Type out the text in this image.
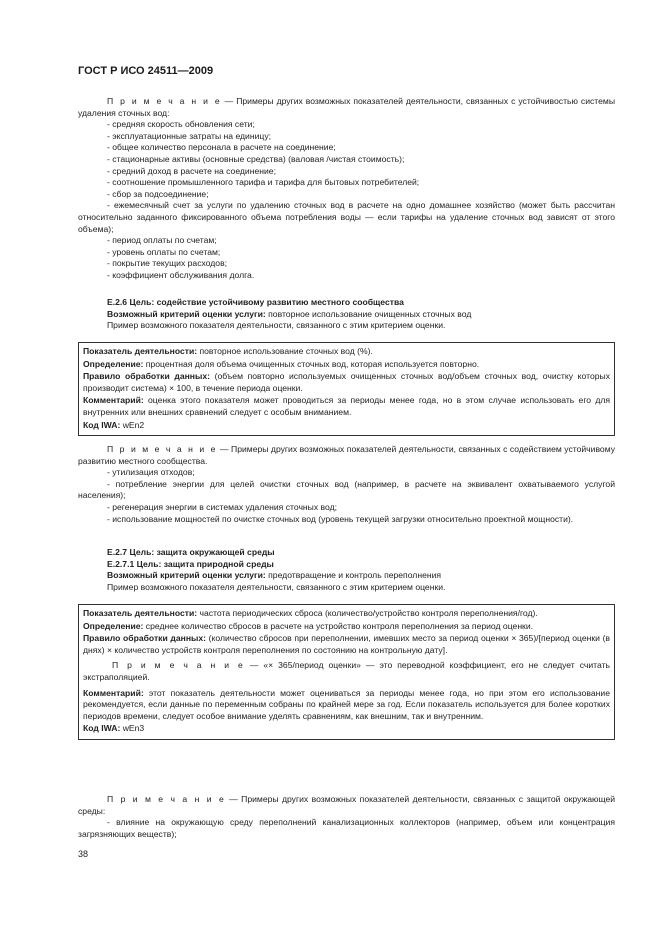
ГОСТ Р ИСО 24511—2009

П р и м е ч а н и е — Примеры других возможных показателей деятельности, связанных с устойчивостью системы удаления сточных вод:

- средняя скорость обновления сети;

- эксплуатационные затраты на единицу;

- общее количество персонала в расчете на соединение;

- стационарные активы (основные средства) (валовая /чистая стоимость);

- средний доход в расчете на соединение;

- соотношение промышленного тарифа и тарифа для бытовых потребителей;

- сбор за подсоединение;

- ежемесячный счет за услуги по удалению сточных вод в расчете на одно домашнее хозяйство (может быть рассчитан относительно заданного фиксированного объема потребления воды — если тарифы на удаление сточных вод зависят от этого объема);

- период оплаты по счетам;

- уровень оплаты по счетам;

- покрытие текущих расходов;

- коэффициент обслуживания долга.

E.2.6 Цель: содействие устойчивому развитию местного сообщества

Возможный критерий оценки услуги: повторное использование очищенных сточных вод

Пример возможного показателя деятельности, связанного с этим критерием оценки.

Показатель деятельности: повторное использование сточных вод (%).

Определение: процентная доля объема очищенных сточных вод, которая используется повторно.

Правило обработки данных: (объем повторно используемых очищенных сточных вод/объем сточных вод, очистку которых производит система) × 100, в течение периода оценки.

Комментарий: оценка этого показателя может проводиться за периоды менее года, но в этом случае использовать его для внутренних или внешних сравнений следует с особым вниманием.

Код IWA: wEn2

П р и м е ч а н и е — Примеры других возможных показателей деятельности, связанных с содействием устойчивому развитию местного сообщества.

- утилизация отходов;

- потребление энергии для целей очистки сточных вод (например, в расчете на эквивалент охватываемого услугой населения);

- регенерация энергии в системах удаления сточных вод;

- использование мощностей по очистке сточных вод (уровень текущей загрузки относительно проектной мощности).

E.2.7 Цель: защита окружающей среды

E.2.7.1 Цель: защита природной среды

Возможный критерий оценки услуги: предотвращение и контроль переполнения

Пример возможного показателя деятельности, связанного с этим критерием оценки.

Показатель деятельности: частота периодических сброса (количество/устройство контроля переполнения/год).

Определение: среднее количество сбросов в расчете на устройство контроля переполнения за период оценки.

Правило обработки данных: (количество сбросов при переполнении, имевших место за период оценки × 365)/[период оценки (в днях) × количество устройств контроля переполнения по состоянию на контрольную дату].

П р и м е ч а н и е — «× 365/период оценки» — это переводной коэффициент, его не следует считать экстраполяцией.

Комментарий: этот показатель деятельности может оцениваться за периоды менее года, но при этом его использование рекомендуется, если данные по переменным собраны по крайней мере за год. Если показатель используется для более коротких периодов времени, следует особое внимание уделять сравнениям, как внешним, так и внутренним.

Код IWA: wEn3

П р и м е ч а н и е — Примеры других возможных показателей деятельности, связанных с защитой окружающей среды:

- влияние на окружающую среду переполнений канализационных коллекторов (например, объем или концентрация загрязняющих веществ);

38
